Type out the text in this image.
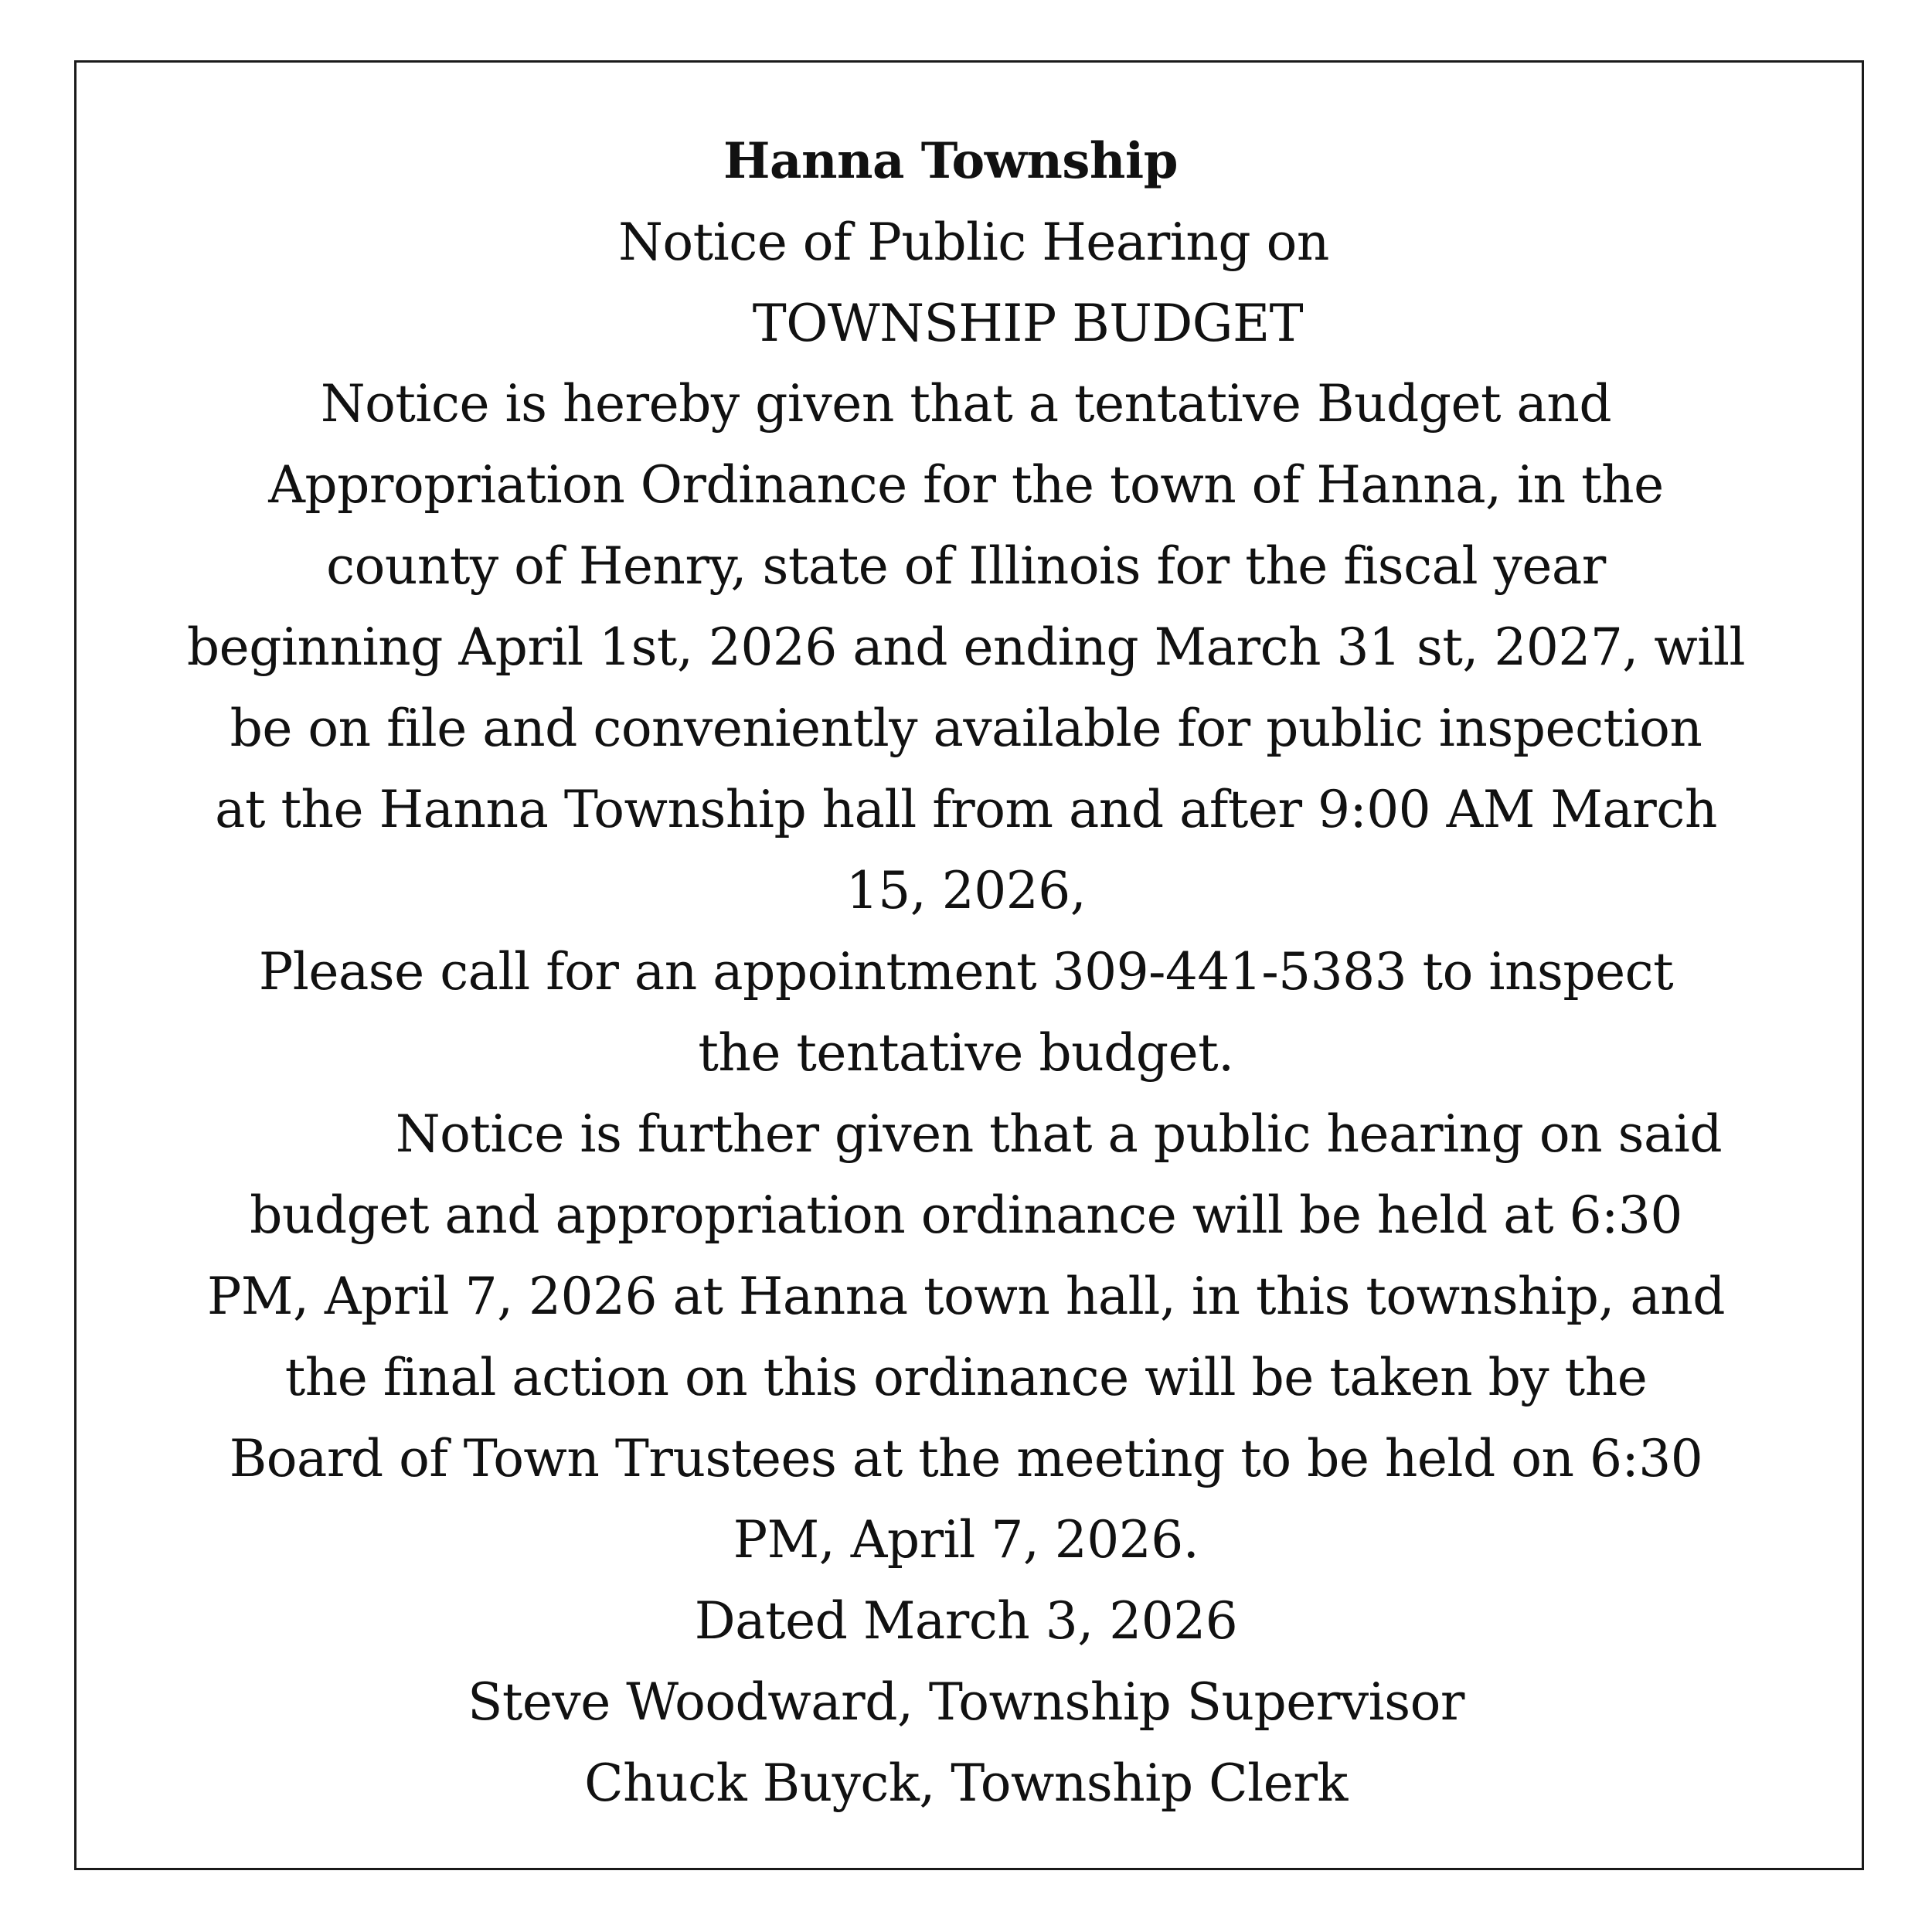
Hanna Township
Notice of Public Hearing on
TOWNSHIP BUDGET
Notice is hereby given that a tentative Budget and
Appropriation Ordinance for the town of Hanna, in the
county of Henry, state of Illinois for the fiscal year
beginning April 1st, 2026 and ending March 31 st, 2027, will
be on file and conveniently available for public inspection
at the Hanna Township hall from and after 9:00 AM March
15, 2026,
Please call for an appointment 309-441-5383 to inspect
the tentative budget.
Notice is further given that a public hearing on said
budget and appropriation ordinance will be held at 6:30
PM, April 7, 2026 at Hanna town hall, in this township, and
the final action on this ordinance will be taken by the
Board of Town Trustees at the meeting to be held on 6:30
PM, April 7, 2026.
Dated March 3, 2026
Steve Woodward, Township Supervisor
Chuck Buyck, Township Clerk
